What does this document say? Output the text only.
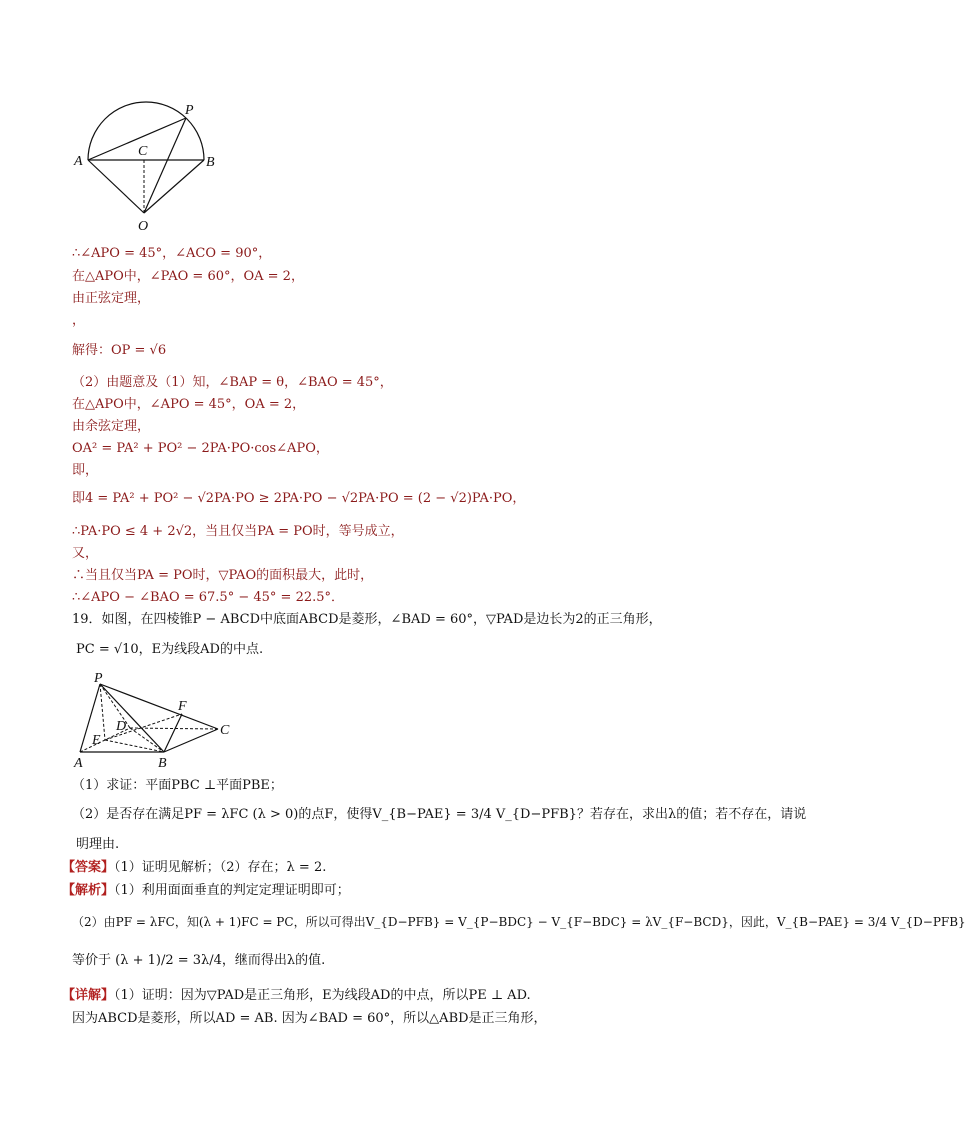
P
A
C
B
O
P
D
F
C
E
A	B
∴∠APO = 45°，∠ACO = 90°，
在△APO中，∠PAO = 60°，OA = 2，
由正弦定理，
，
解得：OP = √6
（2）由题意及（1）知，∠BAP = θ，∠BAO = 45°，
在△APO中，∠APO = 45°，OA = 2，
由余弦定理，
OA² = PA² + PO² − 2PA·PO·cos∠APO，
即，
即4 = PA² + PO² − √2PA·PO ≥ 2PA·PO − √2PA·PO = (2 − √2)PA·PO，
∴PA·PO ≤ 4 + 2√2，当且仅当PA = PO时，等号成立，
又，
∴当且仅当PA = PO时，▽PAO的面积最大，此时，
∴∠APO − ∠BAO = 67.5° − 45° = 22.5°．
19．如图，在四棱锥P − ABCD中底面ABCD是菱形，∠BAD = 60°，▽PAD是边长为2的正三角形，
PC = √10，E为线段AD的中点.
（1）求证：平面PBC ⊥平面PBE；
（2）是否存在满足PF = λFC (λ > 0)的点F，使得V_{B−PAE} = 3/4 V_{D−PFB}？若存在，求出λ的值；若不存在，请说
明理由.
【答案】（1）证明见解析；（2）存在；λ = 2.
【解析】（1）利用面面垂直的判定定理证明即可；
（2）由PF = λFC，知(λ + 1)FC = PC，所以可得出V_{D−PFB} = V_{P−BDC} − V_{F−BDC} = λV_{F−BCD}，因此，V_{B−PAE} = 3/4 V_{D−PFB}
等价于 (λ + 1)/2 = 3λ/4，继而得出λ的值.
【详解】（1）证明：因为▽PAD是正三角形，E为线段AD的中点，所以PE ⊥ AD.
因为ABCD是菱形，所以AD = AB. 因为∠BAD = 60°，所以△ABD是正三角形，
